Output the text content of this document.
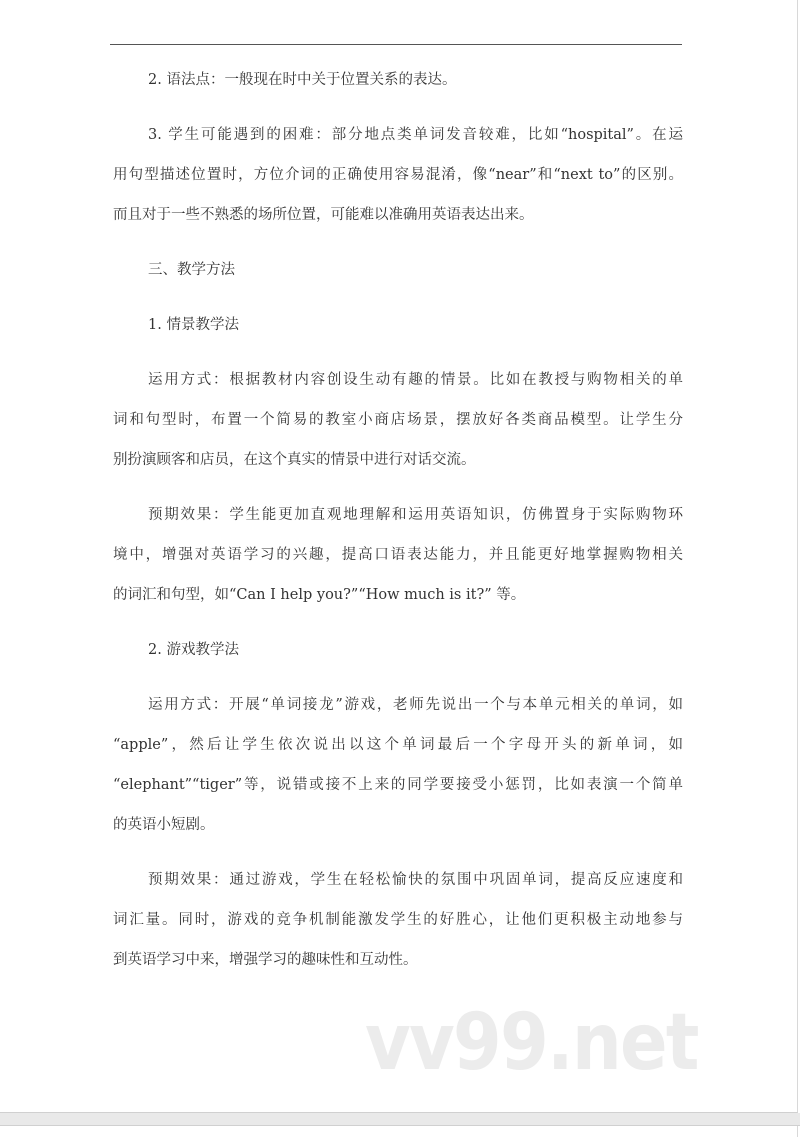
2. 语法点：一般现在时中关于位置关系的表达。
3. 学生可能遇到的困难：部分地点类单词发音较难，比如“hospital”。在运
用句型描述位置时，方位介词的正确使用容易混淆，像“near”和“next to”的区别。
而且对于一些不熟悉的场所位置，可能难以准确用英语表达出来。
三、教学方法
1. 情景教学法
运用方式：根据教材内容创设生动有趣的情景。比如在教授与购物相关的单
词和句型时，布置一个简易的教室小商店场景，摆放好各类商品模型。让学生分
别扮演顾客和店员，在这个真实的情景中进行对话交流。
预期效果：学生能更加直观地理解和运用英语知识，仿佛置身于实际购物环
境中，增强对英语学习的兴趣，提高口语表达能力，并且能更好地掌握购物相关
的词汇和句型，如“Can I help you?”“How much is it?” 等。
2. 游戏教学法
运用方式：开展“单词接龙”游戏，老师先说出一个与本单元相关的单词，如
“apple”，然后让学生依次说出以这个单词最后一个字母开头的新单词，如
“elephant”“tiger”等，说错或接不上来的同学要接受小惩罚，比如表演一个简单
的英语小短剧。
预期效果：通过游戏，学生在轻松愉快的氛围中巩固单词，提高反应速度和
词汇量。同时，游戏的竞争机制能激发学生的好胜心，让他们更积极主动地参与
到英语学习中来，增强学习的趣味性和互动性。
vv99.net
